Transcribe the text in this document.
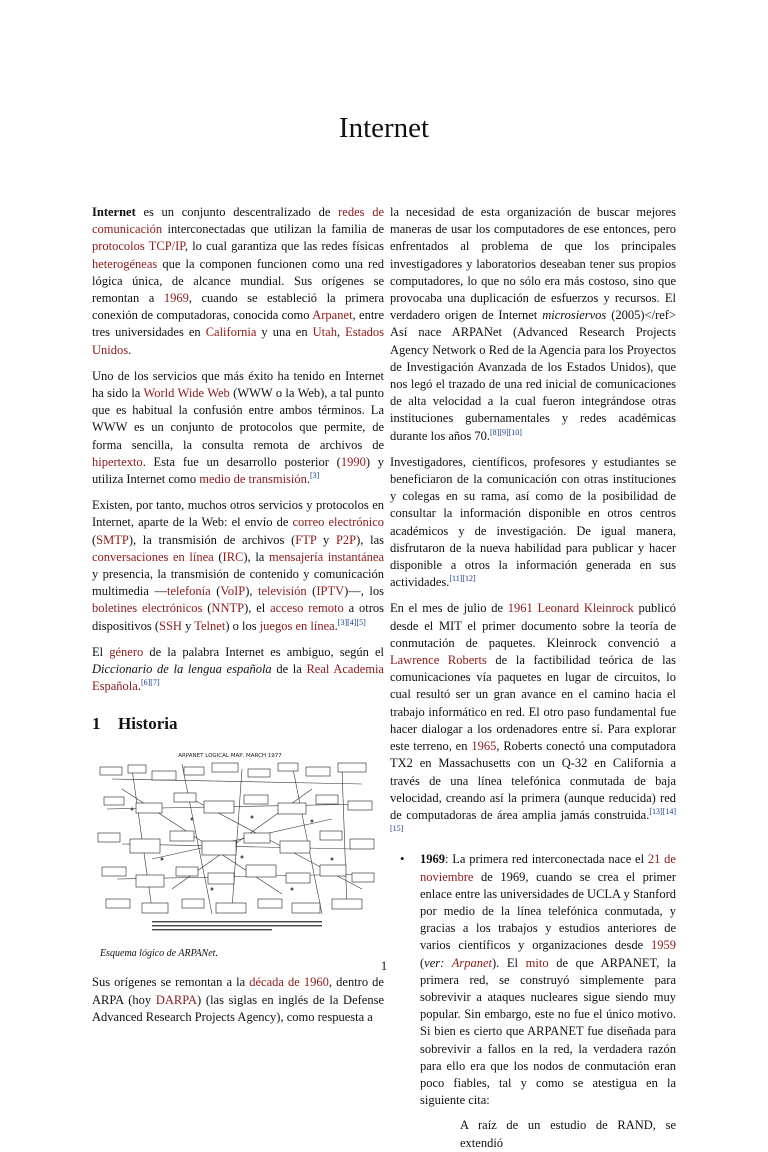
Internet

Internet es un conjunto descentralizado de redes de comunicación interconectadas que utilizan la familia de protocolos TCP/IP, lo cual garantiza que las redes físicas heterogéneas que la componen funcionen como una red lógica única, de alcance mundial. Sus orígenes se remontan a 1969, cuando se estableció la primera conexión de computadoras, conocida como Arpanet, entre tres universidades en California y una en Utah, Estados Unidos.

Uno de los servicios que más éxito ha tenido en Internet ha sido la World Wide Web (WWW o la Web), a tal punto que es habitual la confusión entre ambos términos. La WWW es un conjunto de protocolos que permite, de forma sencilla, la consulta remota de archivos de hipertexto. Esta fue un desarrollo posterior (1990) y utiliza Internet como medio de transmisión.[3]

Existen, por tanto, muchos otros servicios y protocolos en Internet, aparte de la Web: el envío de correo electrónico (SMTP), la transmisión de archivos (FTP y P2P), las conversaciones en línea (IRC), la mensajería instantánea y presencia, la transmisión de contenido y comunicación multimedia —telefonía (VoIP), televisión (IPTV)—, los boletines electrónicos (NNTP), el acceso remoto a otros dispositivos (SSH y Telnet) o los juegos en línea.[3][4][5]

El género de la palabra Internet es ambiguo, según el Diccionario de la lengua española de la Real Academia Española.[6][7]

1 Historia
ARPANET LOGICAL MAP, MARCH 1977
Esquema lógico de ARPANet.

Sus orígenes se remontan a la década de 1960, dentro de ARPA (hoy DARPA) (las siglas en inglés de la Defense Advanced Research Projects Agency), como respuesta a

la necesidad de esta organización de buscar mejores maneras de usar los computadores de ese entonces, pero enfrentados al problema de que los principales investigadores y laboratorios deseaban tener sus propios computadores, lo que no sólo era más costoso, sino que provocaba una duplicación de esfuerzos y recursos. El verdadero origen de Internet microsiervos (2005)</ref> Así nace ARPANet (Advanced Research Projects Agency Network o Red de la Agencia para los Proyectos de Investigación Avanzada de los Estados Unidos), que nos legó el trazado de una red inicial de comunicaciones de alta velocidad a la cual fueron integrándose otras instituciones gubernamentales y redes académicas durante los años 70.[8][9][10]

Investigadores, científicos, profesores y estudiantes se beneficiaron de la comunicación con otras instituciones y colegas en su rama, así como de la posibilidad de consultar la información disponible en otros centros académicos y de investigación. De igual manera, disfrutaron de la nueva habilidad para publicar y hacer disponible a otros la información generada en sus actividades.[11][12]

En el mes de julio de 1961 Leonard Kleinrock publicó desde el MIT el primer documento sobre la teoría de conmutación de paquetes. Kleinrock convenció a Lawrence Roberts de la factibilidad teórica de las comunicaciones vía paquetes en lugar de circuitos, lo cual resultó ser un gran avance en el camino hacia el trabajo informático en red. El otro paso fundamental fue hacer dialogar a los ordenadores entre sí. Para explorar este terreno, en 1965, Roberts conectó una computadora TX2 en Massachusetts con un Q-32 en California a través de una línea telefónica conmutada de baja velocidad, creando así la primera (aunque reducida) red de computadoras de área amplia jamás construida.[13][14][15]

• 1969: La primera red interconectada nace el 21 de noviembre de 1969, cuando se crea el primer enlace entre las universidades de UCLA y Stanford por medio de la línea telefónica conmutada, y gracias a los trabajos y estudios anteriores de varios científicos y organizaciones desde 1959 (ver: Arpanet). El mito de que ARPANET, la primera red, se construyó simplemente para sobrevivir a ataques nucleares sigue siendo muy popular. Sin embargo, este no fue el único motivo. Si bien es cierto que ARPANET fue diseñada para sobrevivir a fallos en la red, la verdadera razón para ello era que los nodos de conmutación eran poco fiables, tal y como se atestigua en la siguiente cita:
A raíz de un estudio de RAND, se extendió
1
